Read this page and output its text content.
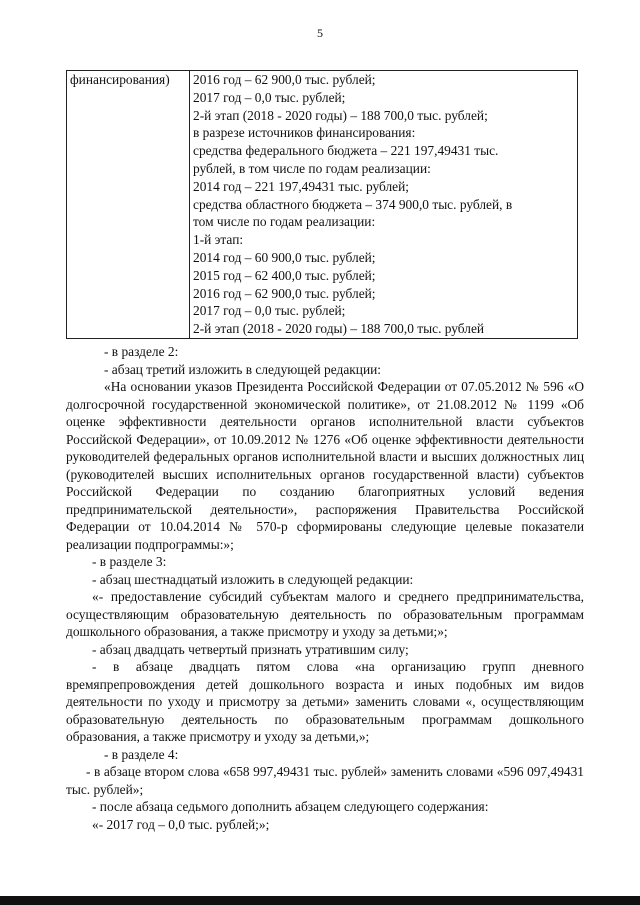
5
финансирования)	2016 год – 62 900,0 тыс. рублей;
2017 год – 0,0 тыс. рублей;
2-й этап (2018 - 2020 годы) – 188 700,0 тыс. рублей;
в разрезе источников финансирования:
средства федерального бюджета – 221 197,49431 тыс.
рублей, в том числе по годам реализации:
2014 год – 221 197,49431 тыс. рублей;
средства областного бюджета – 374 900,0 тыс. рублей, в
том числе по годам реализации:
1-й этап:
2014 год – 60 900,0 тыс. рублей;
2015 год – 62 400,0 тыс. рублей;
2016 год – 62 900,0 тыс. рублей;
2017 год – 0,0 тыс. рублей;
2-й этап (2018 - 2020 годы) – 188 700,0 тыс. рублей

- в разделе 2:

- абзац третий изложить в следующей редакции:

«На основании указов Президента Российской Федерации от 07.05.2012 № 596 «О долгосрочной государственной экономической политике», от 21.08.2012 № 1199 «Об оценке эффективности деятельности органов исполнительной власти субъектов Российской Федерации», от 10.09.2012 № 1276 «Об оценке эффективности деятельности руководителей федеральных органов исполнительной власти и высших должностных лиц (руководителей высших исполнительных органов государственной власти) субъектов Российской Федерации по созданию благоприятных условий ведения предпринимательской деятельности», распоряжения Правительства Российской Федерации от 10.04.2014 № 570-р сформированы следующие целевые показатели реализации подпрограммы:»;

- в разделе 3:

- абзац шестнадцатый изложить в следующей редакции:

«- предоставление субсидий субъектам малого и среднего предпринимательства, осуществляющим образовательную деятельность по образовательным программам дошкольного образования, а также присмотру и уходу за детьми;»;

- абзац двадцать четвертый признать утратившим силу;

- в абзаце двадцать пятом слова «на организацию групп дневного времяпрепровождения детей дошкольного возраста и иных подобных им видов деятельности по уходу и присмотру за детьми» заменить словами «, осуществляющим образовательную деятельность по образовательным программам дошкольного образования, а также присмотру и уходу за детьми,»;

- в разделе 4:

- в абзаце втором слова «658 997,49431 тыс. рублей» заменить словами «596 097,49431 тыс. рублей»;

- после абзаца седьмого дополнить абзацем следующего содержания:

«- 2017 год – 0,0 тыс. рублей;»;
